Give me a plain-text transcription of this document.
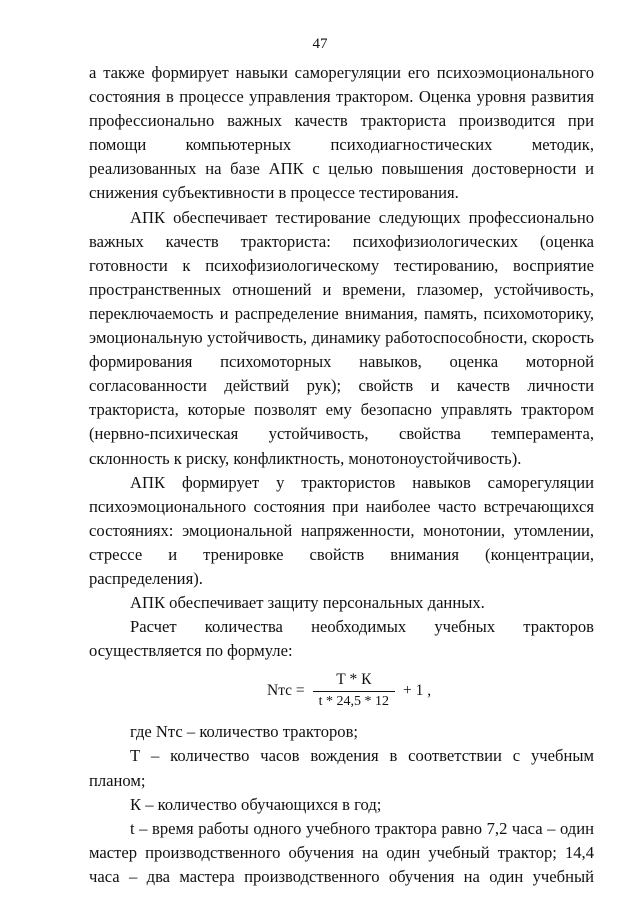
47

а также формирует навыки саморегуляции его психоэмоционального состояния в процессе управления трактором. Оценка уровня развития профессионально важных качеств тракториста производится при помощи компьютерных психодиагностических методик, реализованных на базе АПК с целью повышения достоверности и снижения субъективности в процессе тестирования.

АПК обеспечивает тестирование следующих профессионально важных качеств тракториста: психофизиологических (оценка готовности к психофизиологическому тестированию, восприятие пространственных отношений и времени, глазомер, устойчивость, переключаемость и распределение внимания, память, психомоторику, эмоциональную устойчивость, динамику работоспособности, скорость формирования психомоторных навыков, оценка моторной согласованности действий рук); свойств и качеств личности тракториста, которые позволят ему безопасно управлять трактором (нервно-психическая устойчивость, свойства темперамента, склонность к риску, конфликтность, монотоноустойчивость).

АПК формирует у трактористов навыков саморегуляции психоэмоционального состояния при наиболее часто встречающихся состояниях: эмоциональной напряженности, монотонии, утомлении, стрессе и тренировке свойств внимания (концентрации, распределения).

АПК обеспечивает защиту персональных данных.

Расчет количества необходимых учебных тракторов осуществляется по формуле:

Nтс = $\frac{Т * К}{t * 24,5 * 12} + 1$ ,

где Nтс – количество тракторов;

Т – количество часов вождения в соответствии с учебным планом;

К – количество обучающихся в год;

t – время работы одного учебного трактора равно 7,2 часа – один мастер производственного обучения на один учебный трактор; 14,4 часа – два мастера производственного обучения на один учебный
